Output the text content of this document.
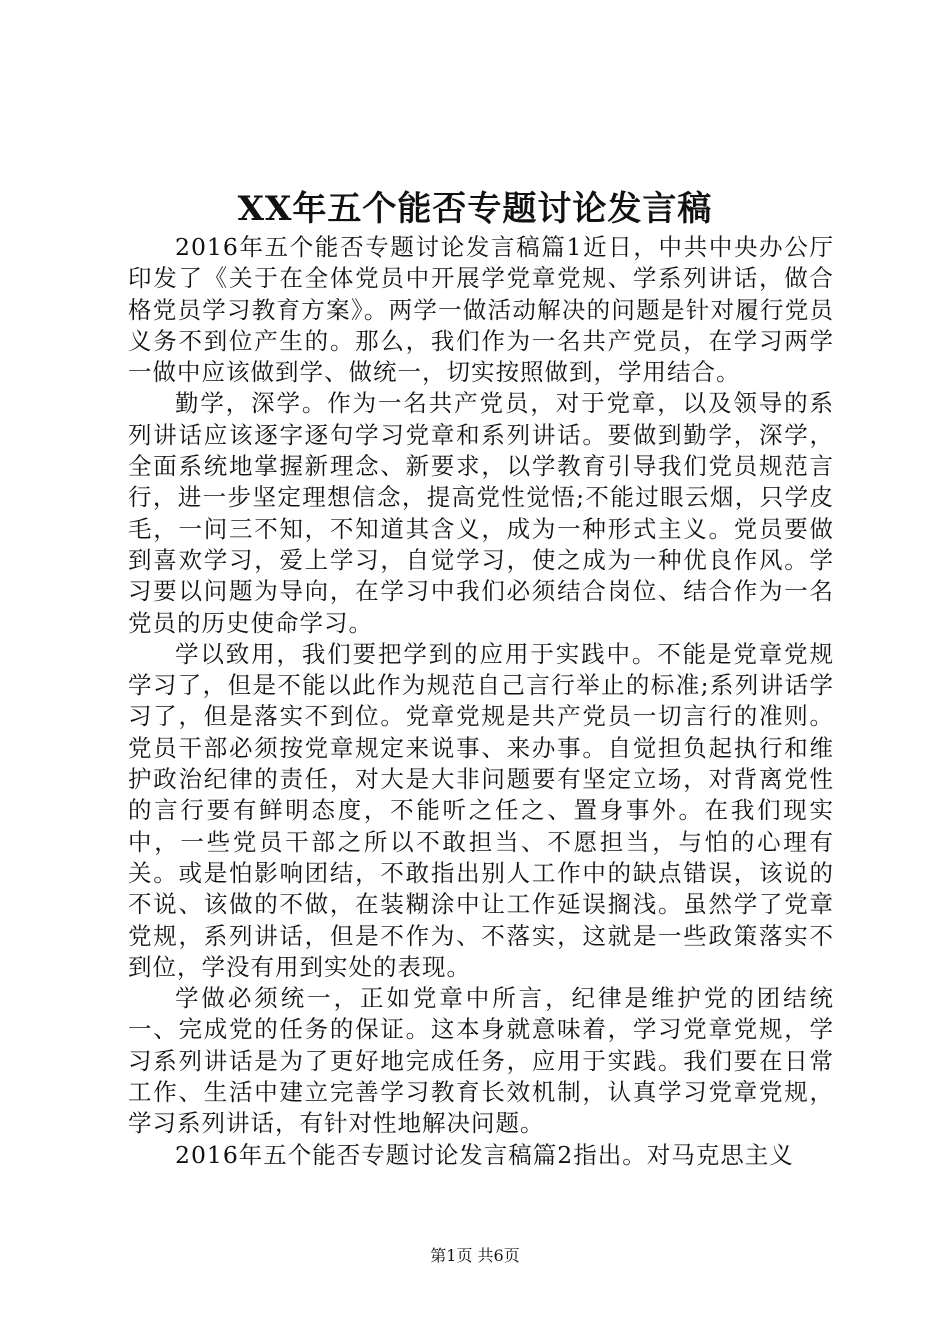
XX年五个能否专题讨论发言稿

2016年五个能否专题讨论发言稿篇1近日，中共中央办公厅印发了《关于在全体党员中开展学党章党规、学系列讲话，做合格党员学习教育方案》。两学一做活动解决的问题是针对履行党员义务不到位产生的。那么，我们作为一名共产党员，在学习两学一做中应该做到学、做统一，切实按照做到，学用结合。

勤学，深学。作为一名共产党员，对于党章，以及领导的系列讲话应该逐字逐句学习党章和系列讲话。要做到勤学，深学，全面系统地掌握新理念、新要求，以学教育引导我们党员规范言行，进一步坚定理想信念，提高党性觉悟;不能过眼云烟，只学皮毛，一问三不知，不知道其含义，成为一种形式主义。党员要做到喜欢学习，爱上学习，自觉学习，使之成为一种优良作风。学习要以问题为导向，在学习中我们必须结合岗位、结合作为一名党员的历史使命学习。

学以致用，我们要把学到的应用于实践中。不能是党章党规学习了，但是不能以此作为规范自己言行举止的标准;系列讲话学习了，但是落实不到位。党章党规是共产党员一切言行的准则。党员干部必须按党章规定来说事、来办事。自觉担负起执行和维护政治纪律的责任，对大是大非问题要有坚定立场，对背离党性的言行要有鲜明态度，不能听之任之、置身事外。在我们现实中，一些党员干部之所以不敢担当、不愿担当，与怕的心理有关。或是怕影响团结，不敢指出别人工作中的缺点错误，该说的不说、该做的不做，在装糊涂中让工作延误搁浅。虽然学了党章党规，系列讲话，但是不作为、不落实，这就是一些政策落实不到位，学没有用到实处的表现。

学做必须统一，正如党章中所言，纪律是维护党的团结统一、完成党的任务的保证。这本身就意味着，学习党章党规，学习系列讲话是为了更好地完成任务，应用于实践。我们要在日常工作、生活中建立完善学习教育长效机制，认真学习党章党规，学习系列讲话，有针对性地解决问题。

2016年五个能否专题讨论发言稿篇2指出。对马克思主义

第1页 共6页
